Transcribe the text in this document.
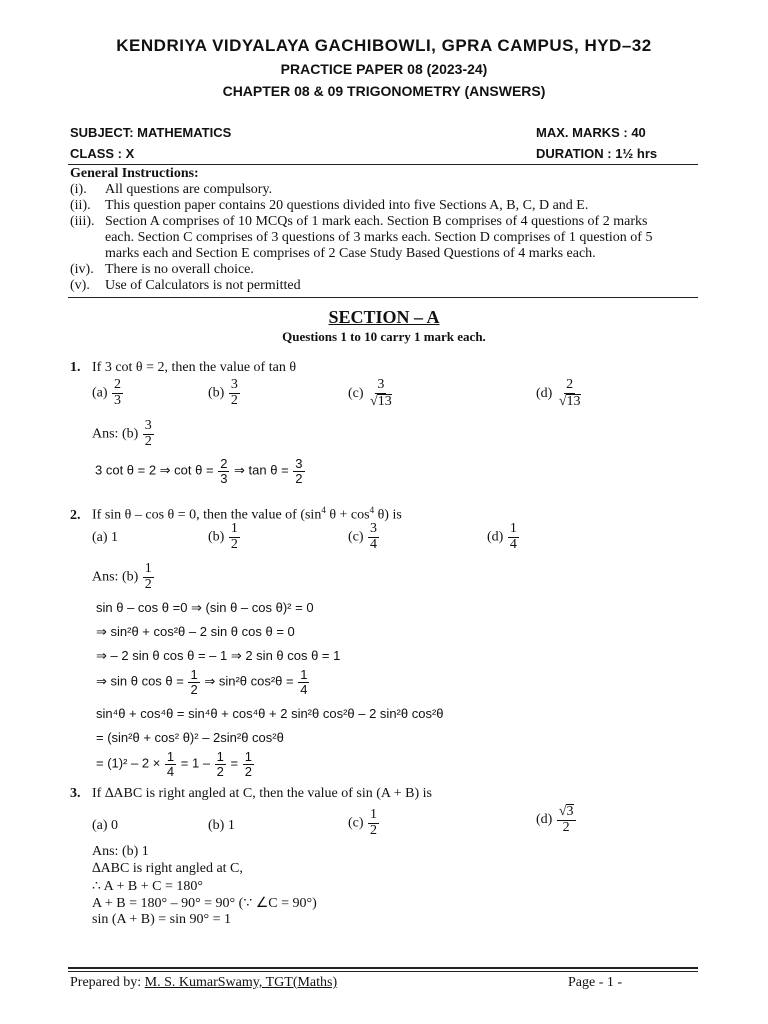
KENDRIYA VIDYALAYA GACHIBOWLI, GPRA CAMPUS, HYD–32
PRACTICE PAPER 08 (2023-24)
CHAPTER 08 & 09 TRIGONOMETRY (ANSWERS)
SUBJECT: MATHEMATICS	MAX. MARKS : 40
CLASS : X	DURATION : 1½ hrs
General Instructions:
(i). All questions are compulsory.
(ii). This question paper contains 20 questions divided into five Sections A, B, C, D and E.
(iii). Section A comprises of 10 MCQs of 1 mark each. Section B comprises of 4 questions of 2 marks
each. Section C comprises of 3 questions of 3 marks each. Section D comprises of 1 question of 5
marks each and Section E comprises of 2 Case Study Based Questions of 4 marks each.
(iv). There is no overall choice.
(v). Use of Calculators is not permitted
SECTION – A
Questions 1 to 10 carry 1 mark each.
1. If 3 cot θ = 2, then the value of tan θ
$(a) \frac{2}{3}$	$(b) \frac{3}{2}$	$(c) \frac{3}{√13}$	$(d) \frac{2}{√13}$
Ans: $(b) \frac{3}{2}$
3 cot θ = 2 ⇒ $\cot \theta = \frac{2}{3}$ ⇒ $\tan \theta = \frac{3}{2}$
2. If sin θ – cos θ = 0, then the value of ($\sin^4$ $\theta + \cos^4 \theta$) is
(a) 1	$(b) \frac{1}{2}$	$(c) \frac{3}{4}$	$(d) \frac{1}{4}$
Ans: $(b) \frac{1}{2}$
sin θ – cos θ =0 ⇒ (sin θ – cos θ)² = 0
⇒ sin²θ + cos²θ – 2 sin θ cos θ = 0
⇒ – 2 sin θ cos θ = – 1 ⇒ 2 sin θ cos θ = 1
⇒ sin θ $\cos \theta = \frac{1}{2}$ ⇒ sin²θ $\cos^2\theta = \frac{1}{4}$
sin⁴θ + cos⁴θ = sin⁴θ + cos⁴θ + 2 sin²θ cos²θ – 2 sin²θ cos²θ
= (sin²θ + cos² θ)² – 2sin²θ cos²θ
= $(1)^2 - 2 \times \frac{1}{4} = 1 - \frac{1}{2} = \frac{1}{2}$
3. If ∆ABC is right angled at C, then the value of sin (A + B) is
(a) 0	(b) 1	$(c) \frac{1}{2}$	$(d) \frac{√3}{2}$
Ans: (b) 1
∆ABC is right angled at C,
∴ A + B + C = 180°
A + B = 180° – 90° = 90° (∵ ∠C = 90°)
sin (A + B) = sin 90° = 1
Prepared by: M. S. KumarSwamy, TGT(Maths)	Page - 1 -
